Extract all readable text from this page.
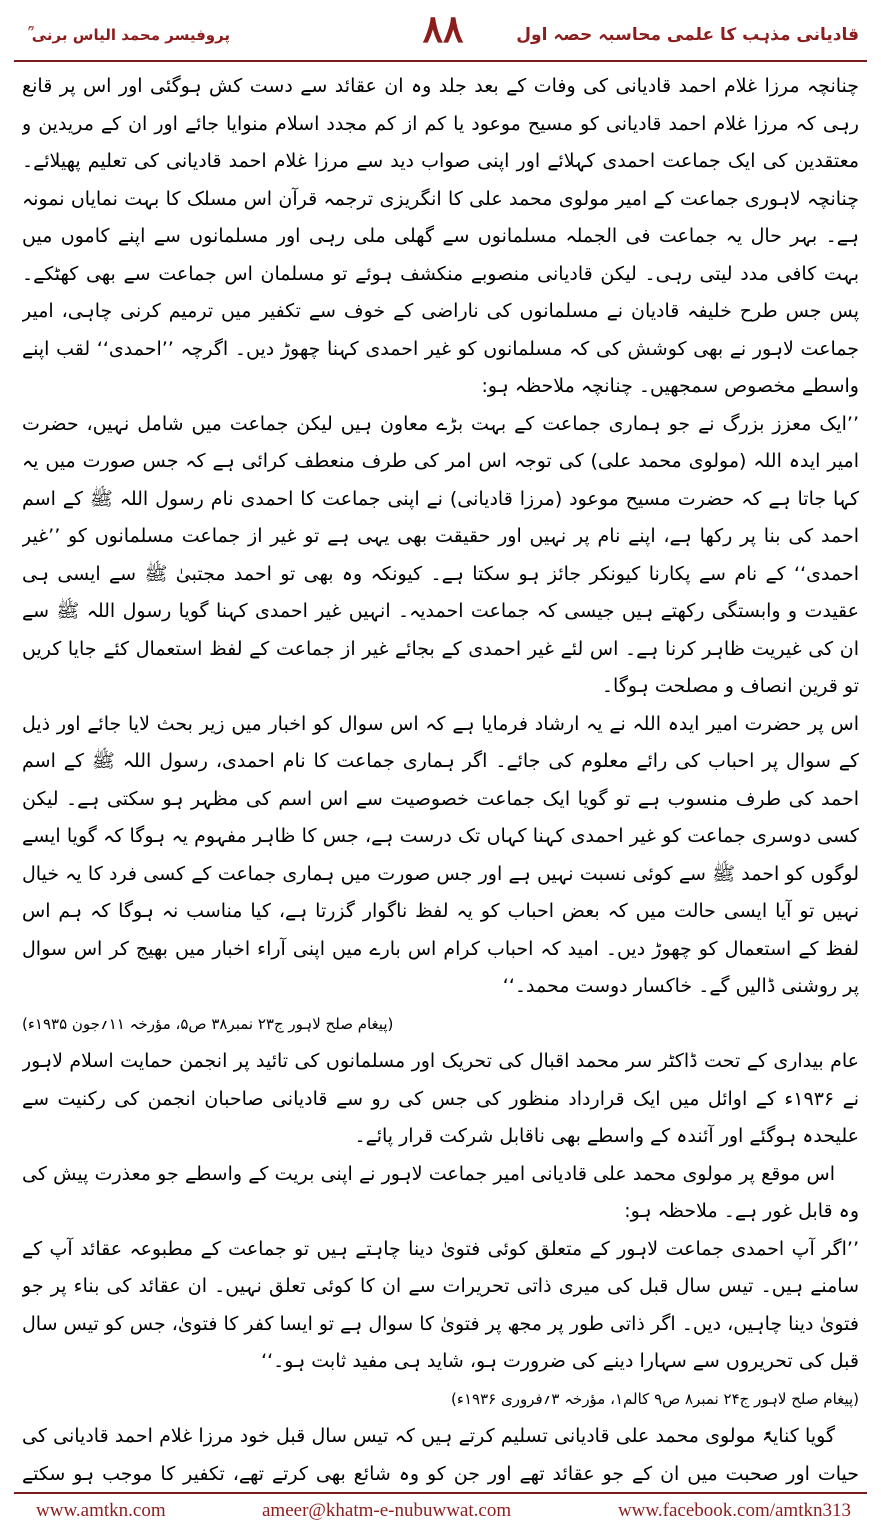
قادیانی مذہب کا علمی محاسبہ حصہ اول
۸۸
پروفیسر محمد الیاس برنی ؒ

چنانچہ مرزا غلام احمد قادیانی کی وفات کے بعد جلد وہ ان عقائد سے دست کش ہوگئی اور اس پر قانع رہی کہ مرزا غلام احمد قادیانی کو مسیح موعود یا کم از کم مجدد اسلام منوایا جائے اور ان کے مریدین و معتقدین کی ایک جماعت احمدی کہلائے اور اپنی صواب دید سے مرزا غلام احمد قادیانی کی تعلیم پھیلائے۔ چنانچہ لاہوری جماعت کے امیر مولوی محمد علی کا انگریزی ترجمہ قرآن اس مسلک کا بہت نمایاں نمونہ ہے۔ بہر حال یہ جماعت فی الجملہ مسلمانوں سے گھلی ملی رہی اور مسلمانوں سے اپنے کاموں میں بہت کافی مدد لیتی رہی۔ لیکن قادیانی منصوبے منکشف ہوئے تو مسلمان اس جماعت سے بھی کھٹکے۔ پس جس طرح خلیفہ قادیان نے مسلمانوں کی ناراضی کے خوف سے تکفیر میں ترمیم کرنی چاہی، امیر جماعت لاہور نے بھی کوشش کی کہ مسلمانوں کو غیر احمدی کہنا چھوڑ دیں۔ اگرچہ ’’احمدی‘‘ لقب اپنے واسطے مخصوص سمجھیں۔ چنانچہ ملاحظہ ہو:

’’ایک معزز بزرگ نے جو ہماری جماعت کے بہت بڑے معاون ہیں لیکن جماعت میں شامل نہیں، حضرت امیر ایدہ اللہ (مولوی محمد علی) کی توجہ اس امر کی طرف منعطف کرائی ہے کہ جس صورت میں یہ کہا جاتا ہے کہ حضرت مسیح موعود (مرزا قادیانی) نے اپنی جماعت کا احمدی نام رسول اللہ ﷺ کے اسم احمد کی بنا پر رکھا ہے، اپنے نام پر نہیں اور حقیقت بھی یہی ہے تو غیر از جماعت مسلمانوں کو ’’غیر احمدی‘‘ کے نام سے پکارنا کیونکر جائز ہو سکتا ہے۔ کیونکہ وہ بھی تو احمد مجتبیٰ ﷺ سے ایسی ہی عقیدت و وابستگی رکھتے ہیں جیسی کہ جماعت احمدیہ۔ انہیں غیر احمدی کہنا گویا رسول اللہ ﷺ سے ان کی غیریت ظاہر کرنا ہے۔ اس لئے غیر احمدی کے بجائے غیر از جماعت کے لفظ استعمال کئے جایا کریں تو قرین انصاف و مصلحت ہوگا۔

اس پر حضرت امیر ایدہ اللہ نے یہ ارشاد فرمایا ہے کہ اس سوال کو اخبار میں زیر بحث لایا جائے اور ذیل کے سوال پر احباب کی رائے معلوم کی جائے۔ اگر ہماری جماعت کا نام احمدی، رسول اللہ ﷺ کے اسم احمد کی طرف منسوب ہے تو گویا ایک جماعت خصوصیت سے اس اسم کی مظہر ہو سکتی ہے۔ لیکن کسی دوسری جماعت کو غیر احمدی کہنا کہاں تک درست ہے، جس کا ظاہر مفہوم یہ ہوگا کہ گویا ایسے لوگوں کو احمد ﷺ سے کوئی نسبت نہیں ہے اور جس صورت میں ہماری جماعت کے کسی فرد کا یہ خیال نہیں تو آیا ایسی حالت میں کہ بعض احباب کو یہ لفظ ناگوار گزرتا ہے، کیا مناسب نہ ہوگا کہ ہم اس لفظ کے استعمال کو چھوڑ دیں۔ امید کہ احباب کرام اس بارے میں اپنی آراء اخبار میں بھیج کر اس سوال پر روشنی ڈالیں گے۔ خاکسار دوست محمد۔‘‘

(پیغام صلح لاہور ج۲۳ نمبر۳۸ ص۵، مؤرخہ ۱۱؍جون ۱۹۳۵ء)

عام بیداری کے تحت ڈاکٹر سر محمد اقبال کی تحریک اور مسلمانوں کی تائید پر انجمن حمایت اسلام لاہور نے ۱۹۳۶ء کے اوائل میں ایک قرارداد منظور کی جس کی رو سے قادیانی صاحبان انجمن کی رکنیت سے علیحدہ ہوگئے اور آئندہ کے واسطے بھی ناقابل شرکت قرار پائے۔

اس موقع پر مولوی محمد علی قادیانی امیر جماعت لاہور نے اپنی بریت کے واسطے جو معذرت پیش کی وہ قابل غور ہے۔ ملاحظہ ہو:

’’اگر آپ احمدی جماعت لاہور کے متعلق کوئی فتویٰ دینا چاہتے ہیں تو جماعت کے مطبوعہ عقائد آپ کے سامنے ہیں۔ تیس سال قبل کی میری ذاتی تحریرات سے ان کا کوئی تعلق نہیں۔ ان عقائد کی بناء پر جو فتویٰ دینا چاہیں، دیں۔ اگر ذاتی طور پر مجھ پر فتویٰ کا سوال ہے تو ایسا کفر کا فتویٰ، جس کو تیس سال قبل کی تحریروں سے سہارا دینے کی ضرورت ہو، شاید ہی مفید ثابت ہو۔‘‘

(پیغام صلح لاہور ج۲۴ نمبر۸ ص۹ کالم۱، مؤرخہ ۳؍فروری ۱۹۳۶ء)

گویا کنایۃً مولوی محمد علی قادیانی تسلیم کرتے ہیں کہ تیس سال قبل خود مرزا غلام احمد قادیانی کی حیات اور صحبت میں ان کے جو عقائد تھے اور جن کو وہ شائع بھی کرتے تھے، تکفیر کا موجب ہو سکتے

www.amtkn.com	ameer@khatm-e-nubuwwat.com	www.facebook.com/amtkn313
